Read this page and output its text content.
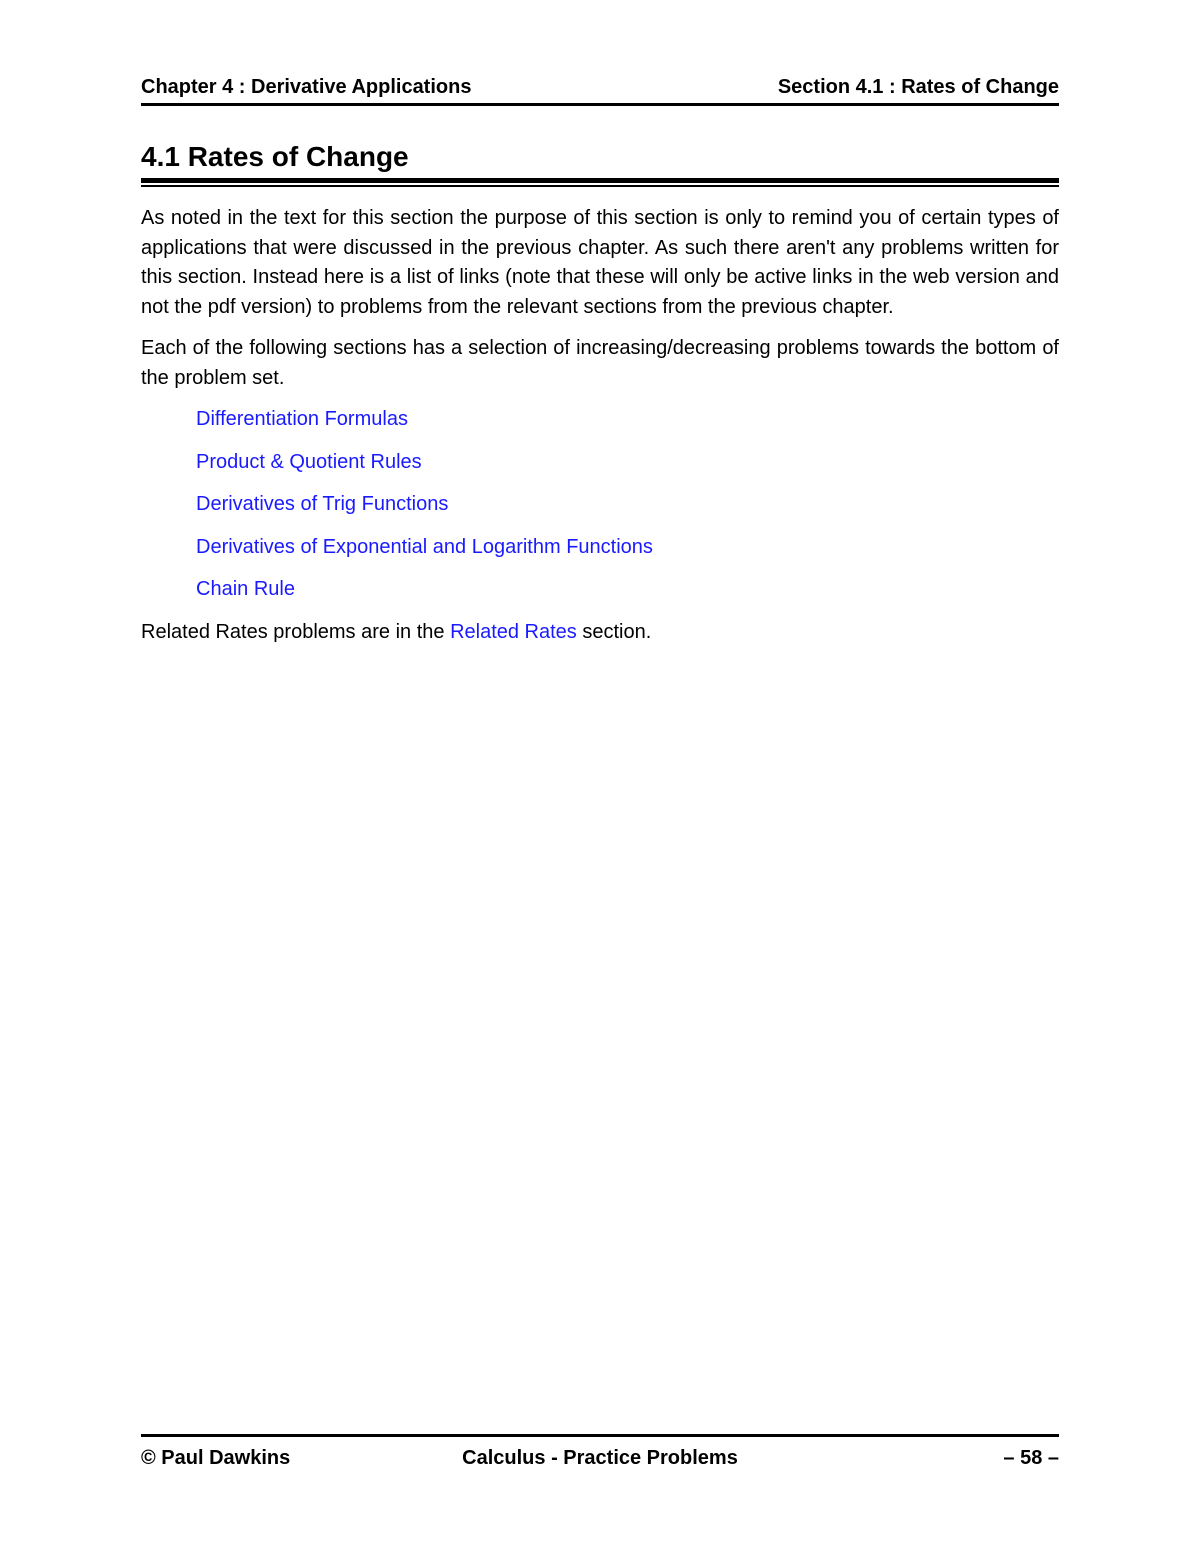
Chapter 4 : Derivative Applications	Section 4.1 : Rates of Change
4.1 Rates of Change

As noted in the text for this section the purpose of this section is only to remind you of certain types of applications that were discussed in the previous chapter. As such there aren't any problems written for this section. Instead here is a list of links (note that these will only be active links in the web version and not the pdf version) to problems from the relevant sections from the previous chapter.

Each of the following sections has a selection of increasing/decreasing problems towards the bottom of the problem set.

Differentiation Formulas
Product & Quotient Rules
Derivatives of Trig Functions
Derivatives of Exponential and Logarithm Functions
Chain Rule

Related Rates problems are in the Related Rates section.

© Paul Dawkins	Calculus - Practice Problems	– 58 –
